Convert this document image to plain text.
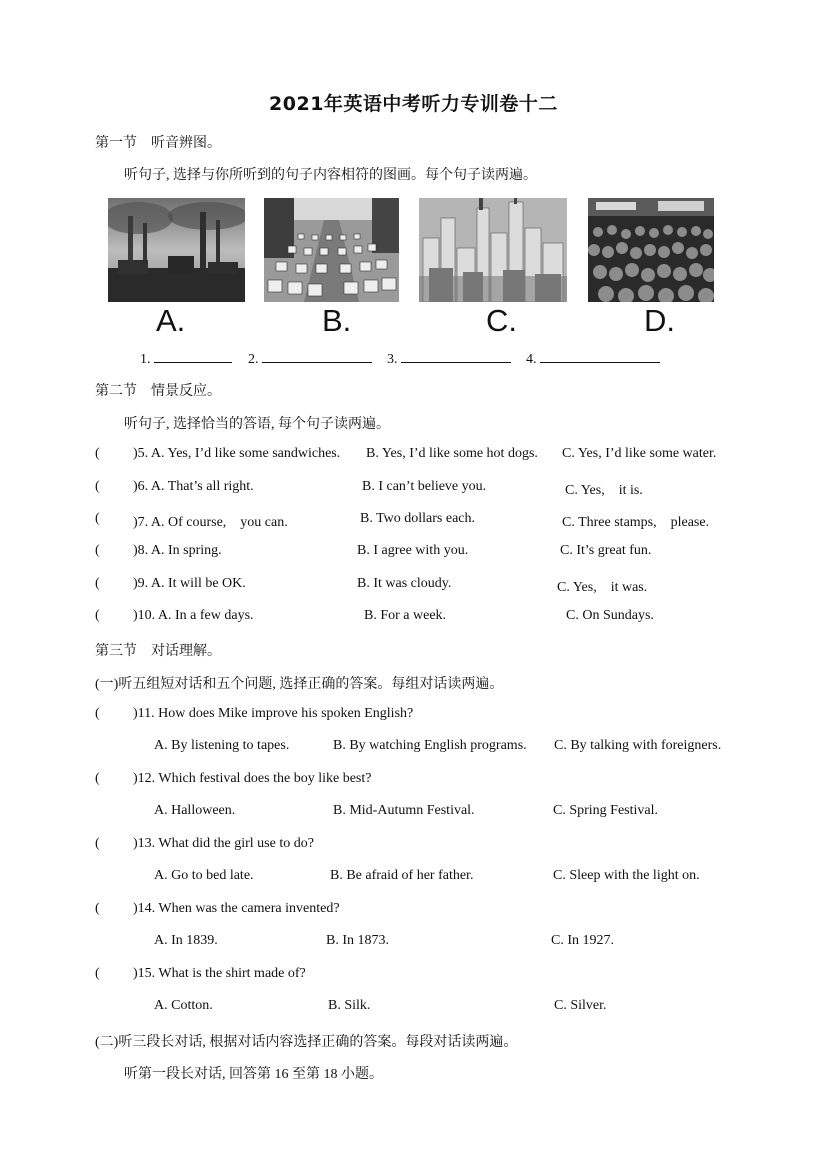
2021年英语中考听力专训卷十二
第一节　听音辨图。
听句子, 选择与你所听到的句子内容相符的图画。每个句子读两遍。
A.	B.	C.	D.
1.	2.	3.	4.
第二节　情景反应。
听句子, 选择恰当的答语, 每个句子读两遍。
( )5. A. Yes, I’d like some sandwiches. B. Yes, I’d like some hot dogs. C. Yes, I’d like some water.
( )6. A. That’s all right.	B. I can’t believe you.	C. Yes,　it is.
( )7. A. Of course,　you can.	B. Two dollars each.	C. Three stamps,　please.
( )8. A. In spring.	B. I agree with you.	C. It’s great fun.
( )9. A. It will be OK.	B. It was cloudy.	C. Yes,　it was.
( )10. A. In a few days.	B. For a week.	C. On Sundays.
第三节　对话理解。
(一)听五组短对话和五个问题, 选择正确的答案。每组对话读两遍。
( )11. How does Mike improve his spoken English?
A. By listening to tapes.	B. By watching English programs. C. By talking with foreigners.
( )12. Which festival does the boy like best?
A. Halloween.	B. Mid-Autumn Festival.	C. Spring Festival.
( )13. What did the girl use to do?
A. Go to bed late.	B. Be afraid of her father.	C. Sleep with the light on.
( )14. When was the camera invented?
A. In 1839.	B. In 1873.	C. In 1927.
( )15. What is the shirt made of?
A. Cotton.	B. Silk.	C. Silver.
(二)听三段长对话, 根据对话内容选择正确的答案。每段对话读两遍。
听第一段长对话, 回答第 16 至第 18 小题。
